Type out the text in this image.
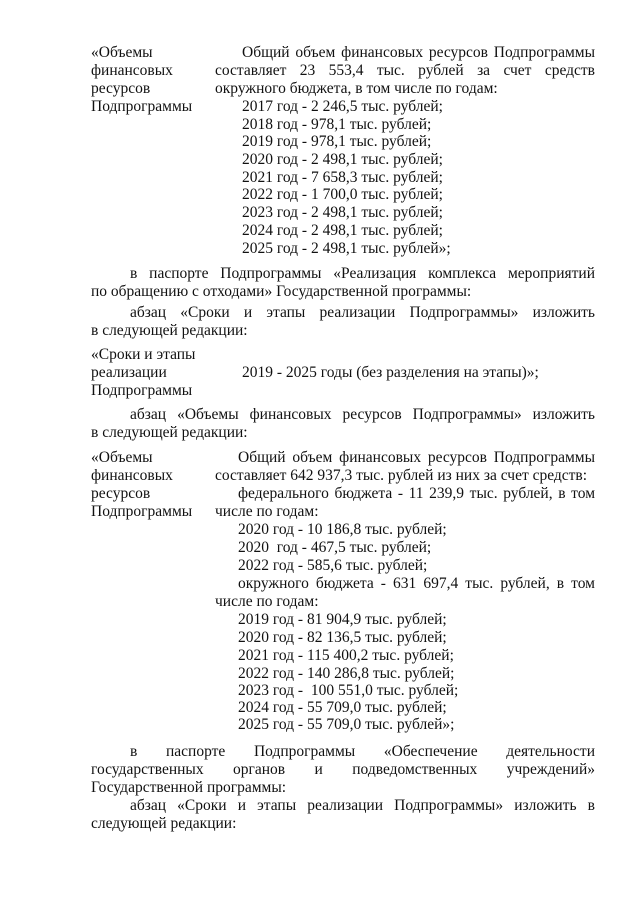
«Объемы
финансовых
ресурсов
Подпрограммы
Общий объем финансовых ресурсов Подпрограммы
составляет 23 553,4 тыс. рублей за счет средств
окружного бюджета, в том числе по годам:
2017 год - 2 246,5 тыс. рублей;
2018 год - 978,1 тыс. рублей;
2019 год - 978,1 тыс. рублей;
2020 год - 2 498,1 тыс. рублей;
2021 год - 7 658,3 тыс. рублей;
2022 год - 1 700,0 тыс. рублей;
2023 год - 2 498,1 тыс. рублей;
2024 год - 2 498,1 тыс. рублей;
2025 год - 2 498,1 тыс. рублей»;
в паспорте Подпрограммы «Реализация комплекса мероприятий
по обращению с отходами» Государственной программы:
абзац «Сроки и этапы реализации Подпрограммы» изложить
в следующей редакции:
«Сроки и этапы
реализации
Подпрограммы
2019 - 2025 годы (без разделения на этапы)»;
абзац «Объемы финансовых ресурсов Подпрограммы» изложить
в следующей редакции:
«Объемы
финансовых
ресурсов
Подпрограммы
Общий объем финансовых ресурсов Подпрограммы
составляет 642 937,3 тыс. рублей из них за счет средств:
федерального бюджета - 11 239,9 тыс. рублей, в том
числе по годам:
2020 год - 10 186,8 тыс. рублей;
2020  год - 467,5 тыс. рублей;
2022 год - 585,6 тыс. рублей;
окружного бюджета - 631 697,4 тыс. рублей, в том
числе по годам:
2019 год - 81 904,9 тыс. рублей;
2020 год - 82 136,5 тыс. рублей;
2021 год - 115 400,2 тыс. рублей;
2022 год - 140 286,8 тыс. рублей;
2023 год -  100 551,0 тыс. рублей;
2024 год - 55 709,0 тыс. рублей;
2025 год - 55 709,0 тыс. рублей»;
в паспорте Подпрограммы «Обеспечение деятельности
государственных органов и подведомственных учреждений»
Государственной программы:
абзац «Сроки и этапы реализации Подпрограммы» изложить в
следующей редакции:
